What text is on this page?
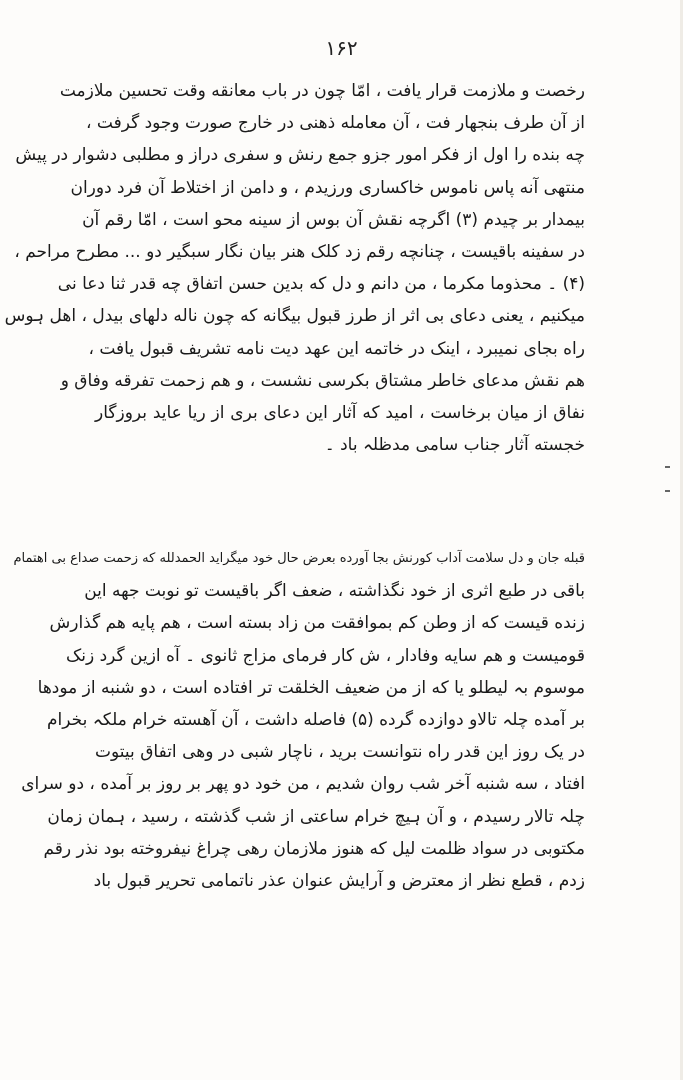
۱۶۲
رخصت و ملازمت قرار یافت ، امّا چون در باب معانقه وقت تحسین ملازمت
از آن طرف بنجهار فت ، آن معامله ذهنی در خارج صورت وجود گرفت ،
چه بنده را اول از فکر امور جزو جمع رنش و سفری دراز و مطلبی دشوار در پیش
منتهی آنه پاس ناموس خاکساری ورزیدم ، و دامن از اختلاط آن فرد دوران
بیمدار بر چیدم (۳) اگرچه نقش آن بوس از سینه محو است ، امّا رقم آن
در سفینه باقیست ، چنانچه رقم زد کلک هنر بیان نگار سبگیر دو ... مطرح مراحم ،
(۴) ۔ محذوما مکرما ، من دانم و دل که بدین حسن اتفاق چه قدر ثنا دعا نی
میکنیم ، یعنی دعای بی اثر از طرز قبول بیگانه که چون ناله دلهای بیدل ، اهل ہوس
راه بجای نمیبرد ، اینک در خاتمه این عهد دیت نامه تشریف قبول یافت ،
هم نقش مدعای خاطر مشتاق بکرسی نشست ، و هم زحمت تفرقه وفاق و
نفاق از میان برخاست ، امید که آثار این دعای بری از ریا عاید بروزگار
خجسته آثار جناب سامی مدظلہ باد ۔
قبله جان و دل سلامت آداب کورنش بجا آورده بعرض حال خود میگراید الحمدلله که زحمت صداع بی اهتمام
باقی در طبع اثری از خود نگذاشته ، ضعف اگر باقیست تو نوبت جهه این
زنده قیست که از وطن کم بموافقت من زاد بسته است ، هم پایه هم گذارش
قومیست و هم سایه وفادار ، ش کار فرمای مزاج ثانوی ۔ آه ازین گرد زنک
موسوم بہ لیطلو یا که از من ضعیف الخلقت تر افتاده است ، دو شنبه از مودها
بر آمده چلہ تالاو دوازده گرده (۵) فاصله داشت ، آن آهسته خرام ملکہ بخرام
در یک روز این قدر راه نتوانست برید ، ناچار شبی در وهی اتفاق بیتوت
افتاد ، سه شنبه آخر شب روان شدیم ، من خود دو پهر بر روز بر آمده ، دو سرای
چلہ تالار رسیدم ، و آن ہیچ خرام ساعتی از شب گذشته ، رسید ، ہمان زمان
مکتوبی در سواد ظلمت لیل که هنوز ملازمان رهی چراغ نیفروخته بود نذر رقم
زدم ، قطع نظر از معترض و آرایش عنوان عذر ناتمامی تحریر قبول باد
